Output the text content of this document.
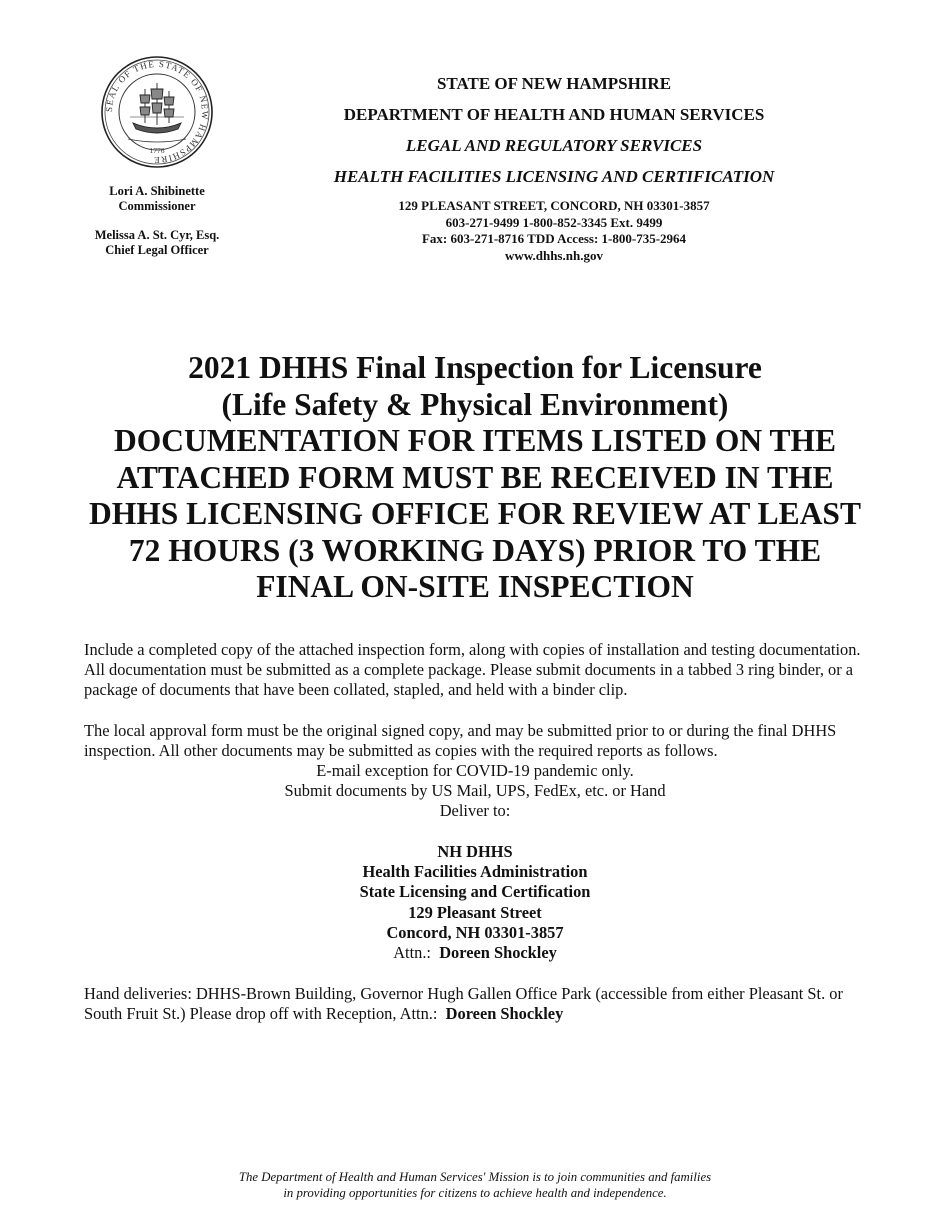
SEAL OF THE STATE OF NEW HAMPSHIRE
1776
Lori A. Shibinette
Commissioner
Melissa A. St. Cyr, Esq.
Chief Legal Officer
STATE OF NEW HAMPSHIRE
DEPARTMENT OF HEALTH AND HUMAN SERVICES
LEGAL AND REGULATORY SERVICES
HEALTH FACILITIES LICENSING AND CERTIFICATION
129 PLEASANT STREET, CONCORD, NH 03301-3857
603-271-9499 1-800-852-3345 Ext. 9499
Fax: 603-271-8716 TDD Access: 1-800-735-2964
www.dhhs.nh.gov
2021 DHHS Final Inspection for Licensure
(Life Safety & Physical Environment)
DOCUMENTATION FOR ITEMS LISTED ON THE
ATTACHED FORM MUST BE RECEIVED IN THE
DHHS LICENSING OFFICE FOR REVIEW AT LEAST
72 HOURS (3 WORKING DAYS) PRIOR TO THE
FINAL ON-SITE INSPECTION
Include a completed copy of the attached inspection form, along with copies of installation and testing documentation. All documentation must be submitted as a complete package. Please submit documents in a tabbed 3 ring binder, or a package of documents that have been collated, stapled, and held with a binder clip.
The local approval form must be the original signed copy, and may be submitted prior to or during the final DHHS inspection. All other documents may be submitted as copies with the required reports as follows.
E-mail exception for COVID-19 pandemic only.
Submit documents by US Mail, UPS, FedEx, etc. or Hand
Deliver to:
NH DHHS
Health Facilities Administration
State Licensing and Certification
129 Pleasant Street
Concord, NH 03301-3857
Attn.: Doreen Shockley
Hand deliveries: DHHS-Brown Building, Governor Hugh Gallen Office Park (accessible from either Pleasant St. or South Fruit St.) Please drop off with Reception, Attn.: Doreen Shockley
The Department of Health and Human Services' Mission is to join communities and families
in providing opportunities for citizens to achieve health and independence.
